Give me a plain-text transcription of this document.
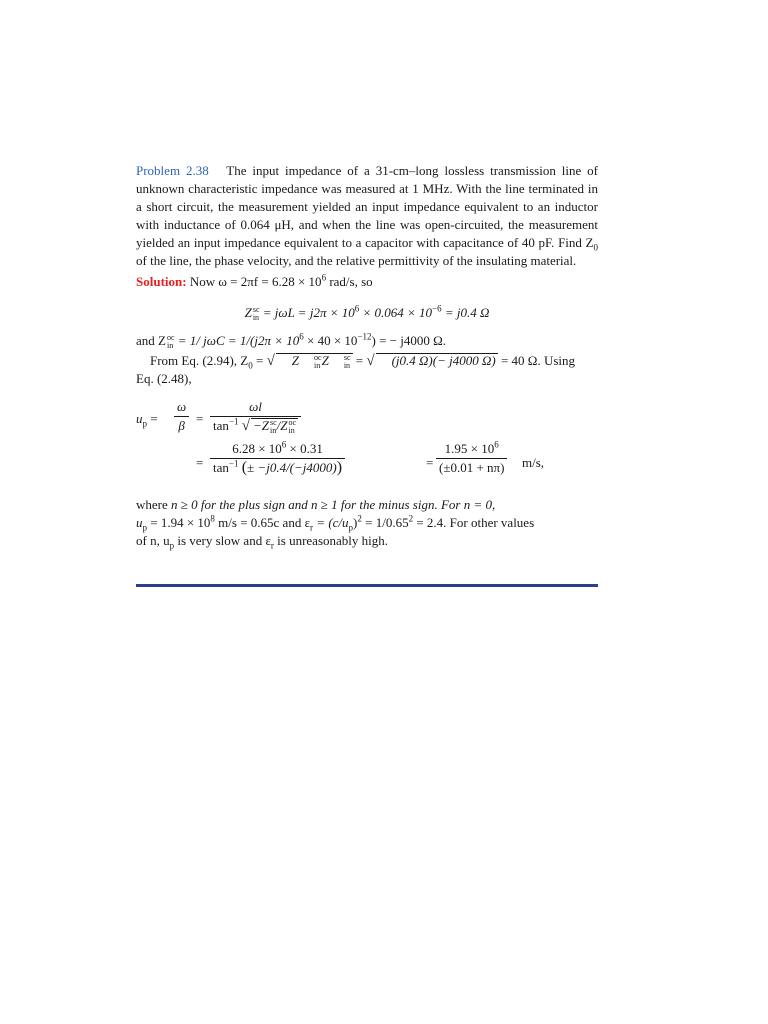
Problem 2.38 The input impedance of a 31-cm–long lossless transmission line of unknown characteristic impedance was measured at 1 MHz. With the line terminated in a short circuit, the measurement yielded an input impedance equivalent to an inductor with inductance of 0.064 μH, and when the line was open-circuited, the measurement yielded an input impedance equivalent to a capacitor with capacitance of 40 pF. Find $Z_0$ of the line, the phase velocity, and the relative permittivity of the insulating material.

Solution: Now $\omega = 2\pi f = 6.28 \times 10^6$ rad/s, so
Z sc
in = $j\omega L = j2\pi \times 10^6 \times 0.064 \times 10^{-6} = j0.4$ Ω

and Z oc
in = 1/ $j\omega C = 1/(j2\pi \times 10^6 \times 40 \times 10^{-12})$ = − j4000 Ω.

From Eq. (2.94), $Z_0$ = √ Z	oc
in Z	sc
in = √ (j0.4 Ω)(− j4000 Ω) = 40 Ω. Using
Eq. (2.48),

$u_p$ =
ω
β =
ωl
$\tan^{-1}$ √ −Z sc
in /Z oc
in
=
$6.28 \times 10^6 \times 0.31$
$\tan^{-1}$ (± −j0.4/(−j4000))	=
$1.95 \times 10^6$
(±0.01 + nπ) m/s,

where n ≥ 0 for the plus sign and n ≥ 1 for the minus sign. For n = 0,
$u_p = 1.94 \times 10^8$ m/s = 0.65c and $\varepsilon_r = (c/u_p)^2 = 1/0.65^2 = 2.4$. For other values
of n, $u_p$ is very slow and $\varepsilon_r$ is unreasonably high.
